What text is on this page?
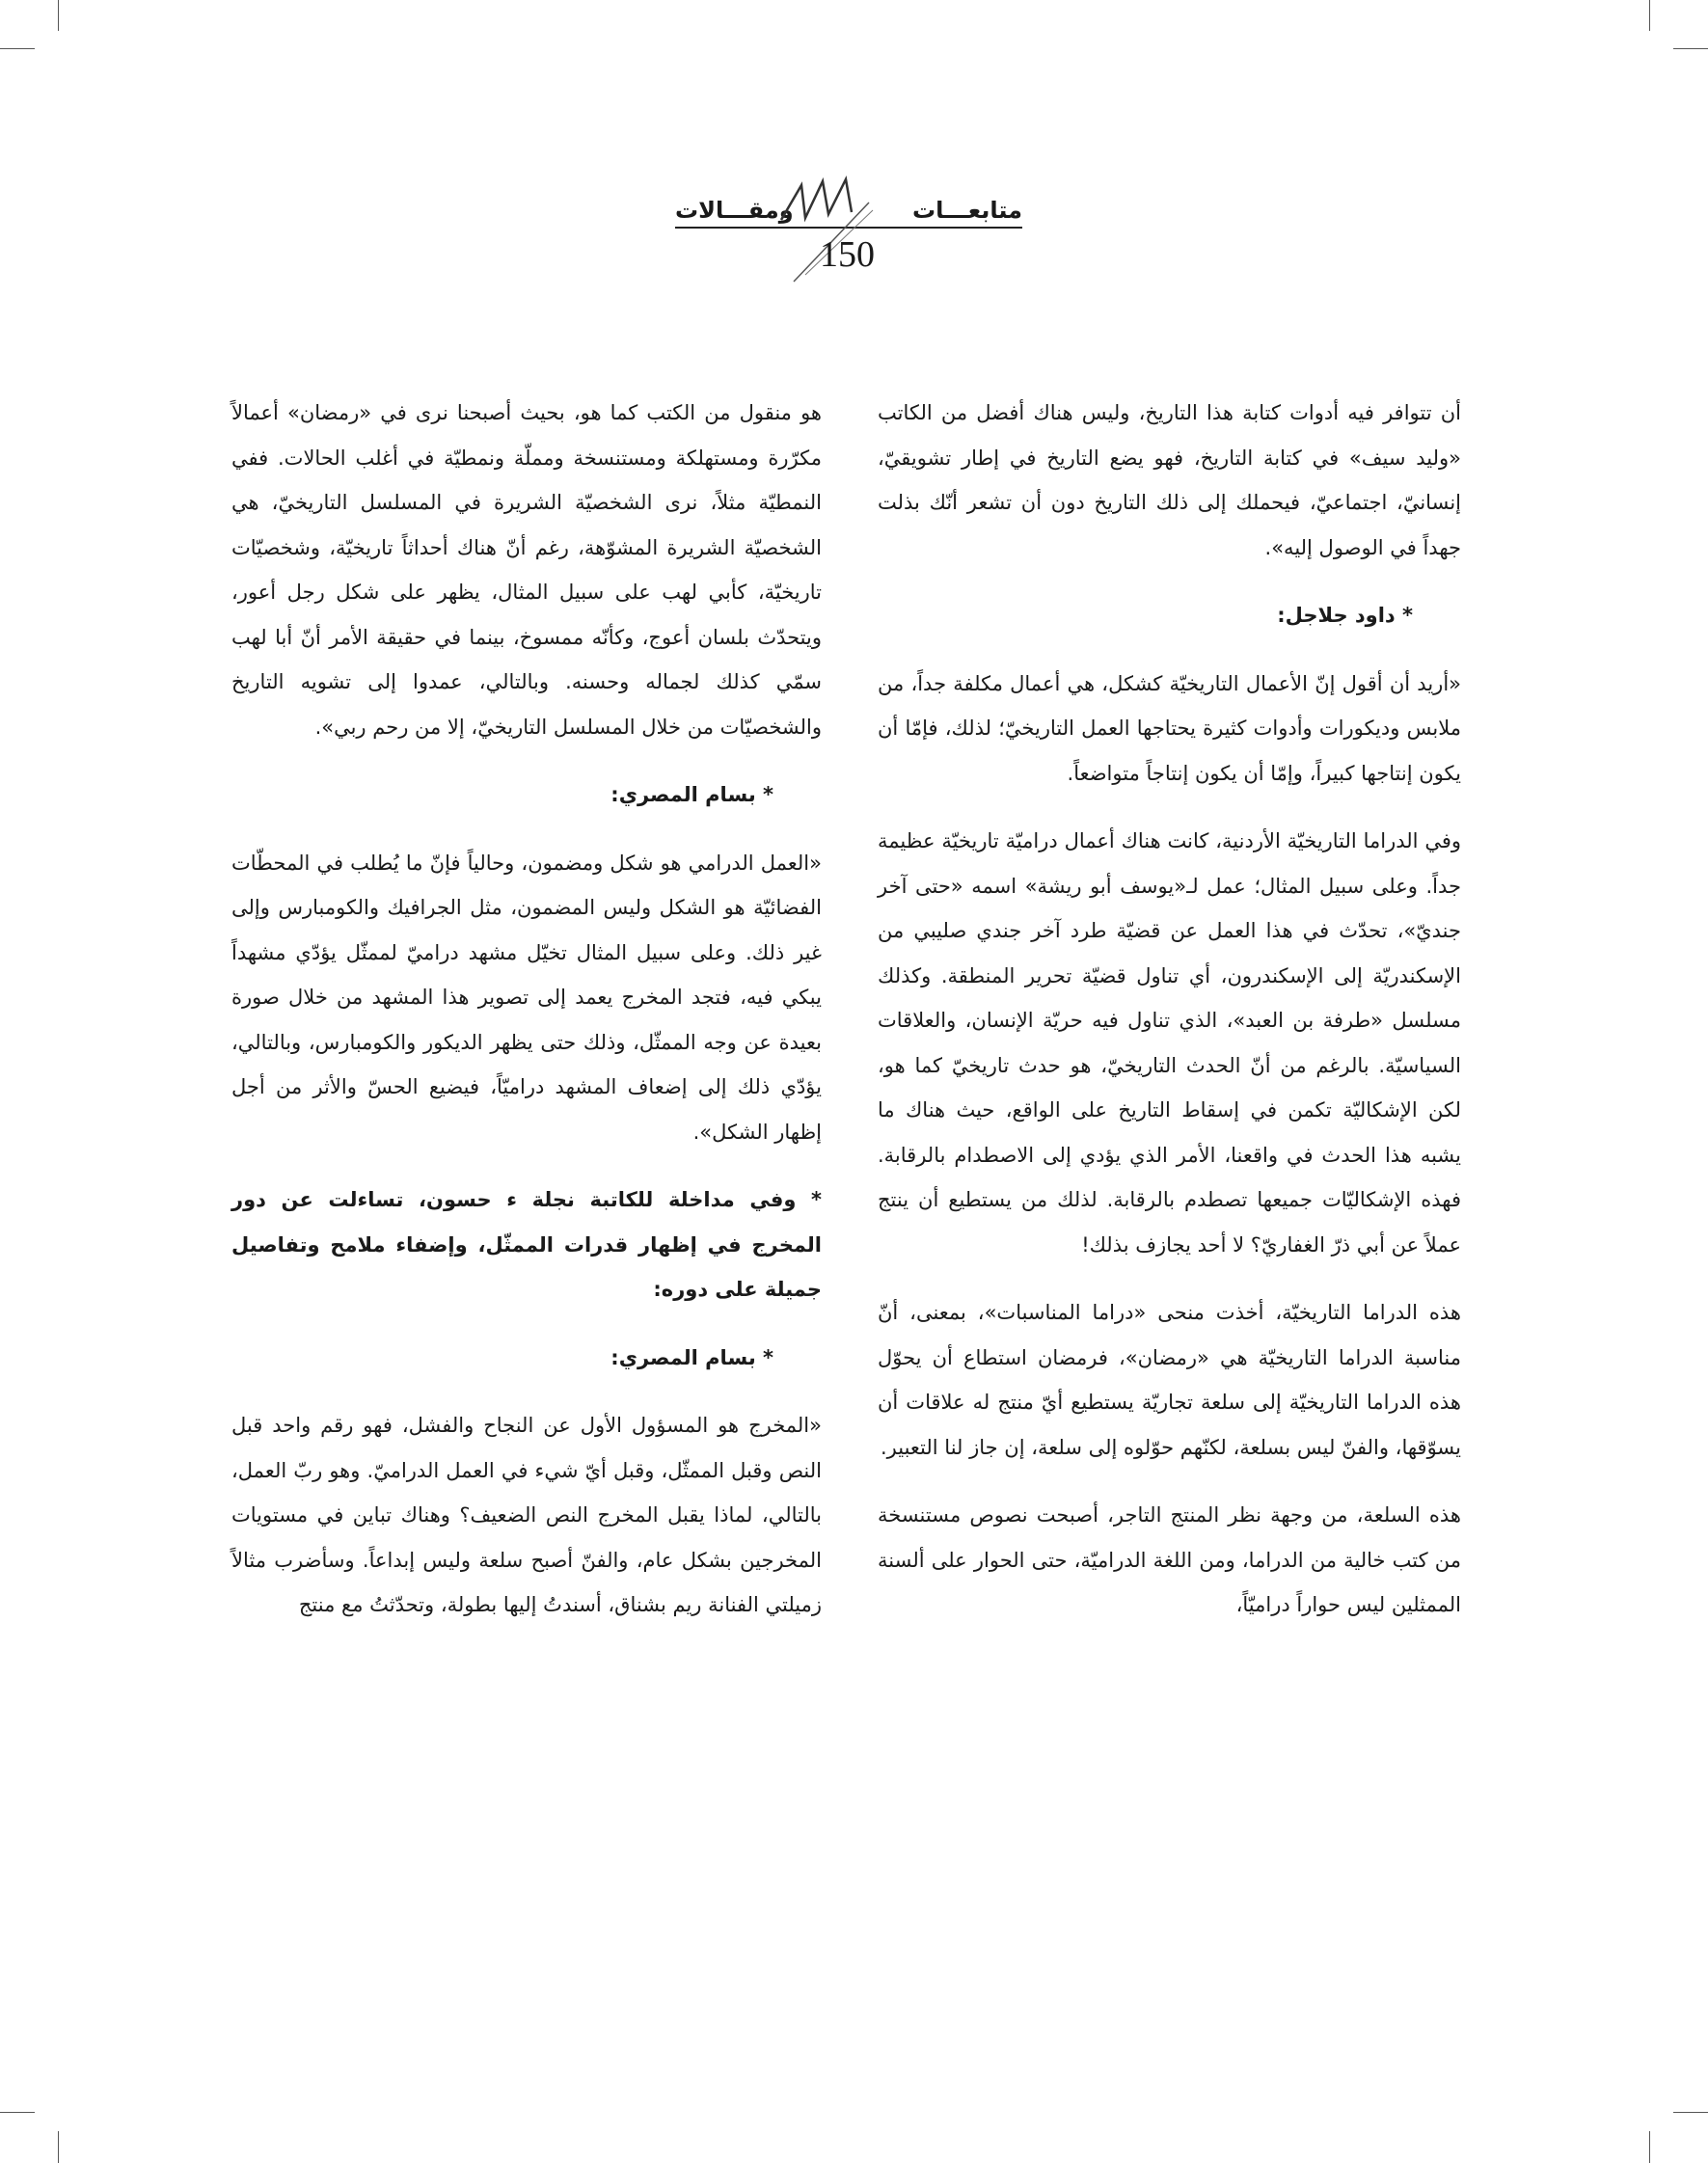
متابعـــات
ومقـــالات
150

أن تتوافر فيه أدوات كتابة هذا التاريخ، وليس هناك أفضل من الكاتب «وليد سيف» في كتابة التاريخ، فهو يضع التاريخ في إطار تشويقيّ، إنسانيّ، اجتماعيّ، فيحملك إلى ذلك التاريخ دون أن تشعر أنّك بذلت جهداً في الوصول إليه».

* داود جلاجل:

«أريد أن أقول إنّ الأعمال التاريخيّة كشكل، هي أعمال مكلفة جداً، من ملابس وديكورات وأدوات كثيرة يحتاجها العمل التاريخيّ؛ لذلك، فإمّا أن يكون إنتاجها كبيراً، وإمّا أن يكون إنتاجاً متواضعاً.

وفي الدراما التاريخيّة الأردنية، كانت هناك أعمال دراميّة تاريخيّة عظيمة جداً. وعلى سبيل المثال؛ عمل لـ«يوسف أبو ريشة» اسمه «حتى آخر جنديّ»، تحدّث في هذا العمل عن قضيّة طرد آخر جندي صليبي من الإسكندريّة إلى الإسكندرون، أي تناول قضيّة تحرير المنطقة. وكذلك مسلسل «طرفة بن العبد»، الذي تناول فيه حريّة الإنسان، والعلاقات السياسيّة. بالرغم من أنّ الحدث التاريخيّ، هو حدث تاريخيّ كما هو، لكن الإشكاليّة تكمن في إسقاط التاريخ على الواقع، حيث هناك ما يشبه هذا الحدث في واقعنا، الأمر الذي يؤدي إلى الاصطدام بالرقابة. فهذه الإشكاليّات جميعها تصطدم بالرقابة. لذلك من يستطيع أن ينتج عملاً عن أبي ذرّ الغفاريّ؟ لا أحد يجازف بذلك!

هذه الدراما التاريخيّة، أخذت منحى «دراما المناسبات»، بمعنى، أنّ مناسبة الدراما التاريخيّة هي «رمضان»، فرمضان استطاع أن يحوّل هذه الدراما التاريخيّة إلى سلعة تجاريّة يستطيع أيّ منتج له علاقات أن يسوّقها، والفنّ ليس بسلعة، لكنّهم حوّلوه إلى سلعة، إن جاز لنا التعبير.

هذه السلعة، من وجهة نظر المنتج التاجر، أصبحت نصوص مستنسخة من كتب خالية من الدراما، ومن اللغة الدراميّة، حتى الحوار على ألسنة الممثلين ليس حواراً دراميّاً،

هو منقول من الكتب كما هو، بحيث أصبحنا نرى في «رمضان» أعمالاً مكرّرة ومستهلكة ومستنسخة ومملّة ونمطيّة في أغلب الحالات. ففي النمطيّة مثلاً، نرى الشخصيّة الشريرة في المسلسل التاريخيّ، هي الشخصيّة الشريرة المشوّهة، رغم أنّ هناك أحداثاً تاريخيّة، وشخصيّات تاريخيّة، كأبي لهب على سبيل المثال، يظهر على شكل رجل أعور، ويتحدّث بلسان أعوج، وكأنّه ممسوخ، بينما في حقيقة الأمر أنّ أبا لهب سمّي كذلك لجماله وحسنه. وبالتالي، عمدوا إلى تشويه التاريخ والشخصيّات من خلال المسلسل التاريخيّ، إلا من رحم ربي».

* بسام المصري:

«العمل الدرامي هو شكل ومضمون، وحالياً فإنّ ما يُطلب في المحطّات الفضائيّة هو الشكل وليس المضمون، مثل الجرافيك والكومبارس وإلى غير ذلك. وعلى سبيل المثال تخيّل مشهد دراميّ لممثّل يؤدّي مشهداً يبكي فيه، فتجد المخرج يعمد إلى تصوير هذا المشهد من خلال صورة بعيدة عن وجه الممثّل، وذلك حتى يظهر الديكور والكومبارس، وبالتالي، يؤدّي ذلك إلى إضعاف المشهد دراميّاً، فيضيع الحسّ والأثر من أجل إظهار الشكل».

* وفي مداخلة للكاتبة نجلة ء حسون، تساءلت عن دور المخرج في إظهار قدرات الممثّل، وإضفاء ملامح وتفاصيل جميلة على دوره:

* بسام المصري:

«المخرج هو المسؤول الأول عن النجاح والفشل، فهو رقم واحد قبل النص وقبل الممثّل، وقبل أيّ شيء في العمل الدراميّ. وهو ربّ العمل، بالتالي، لماذا يقبل المخرج النص الضعيف؟ وهناك تباين في مستويات المخرجين بشكل عام، والفنّ أصبح سلعة وليس إبداعاً. وسأضرب مثالاً زميلتي الفنانة ريم بشناق، أسندتُ إليها بطولة، وتحدّثتُ مع منتج
